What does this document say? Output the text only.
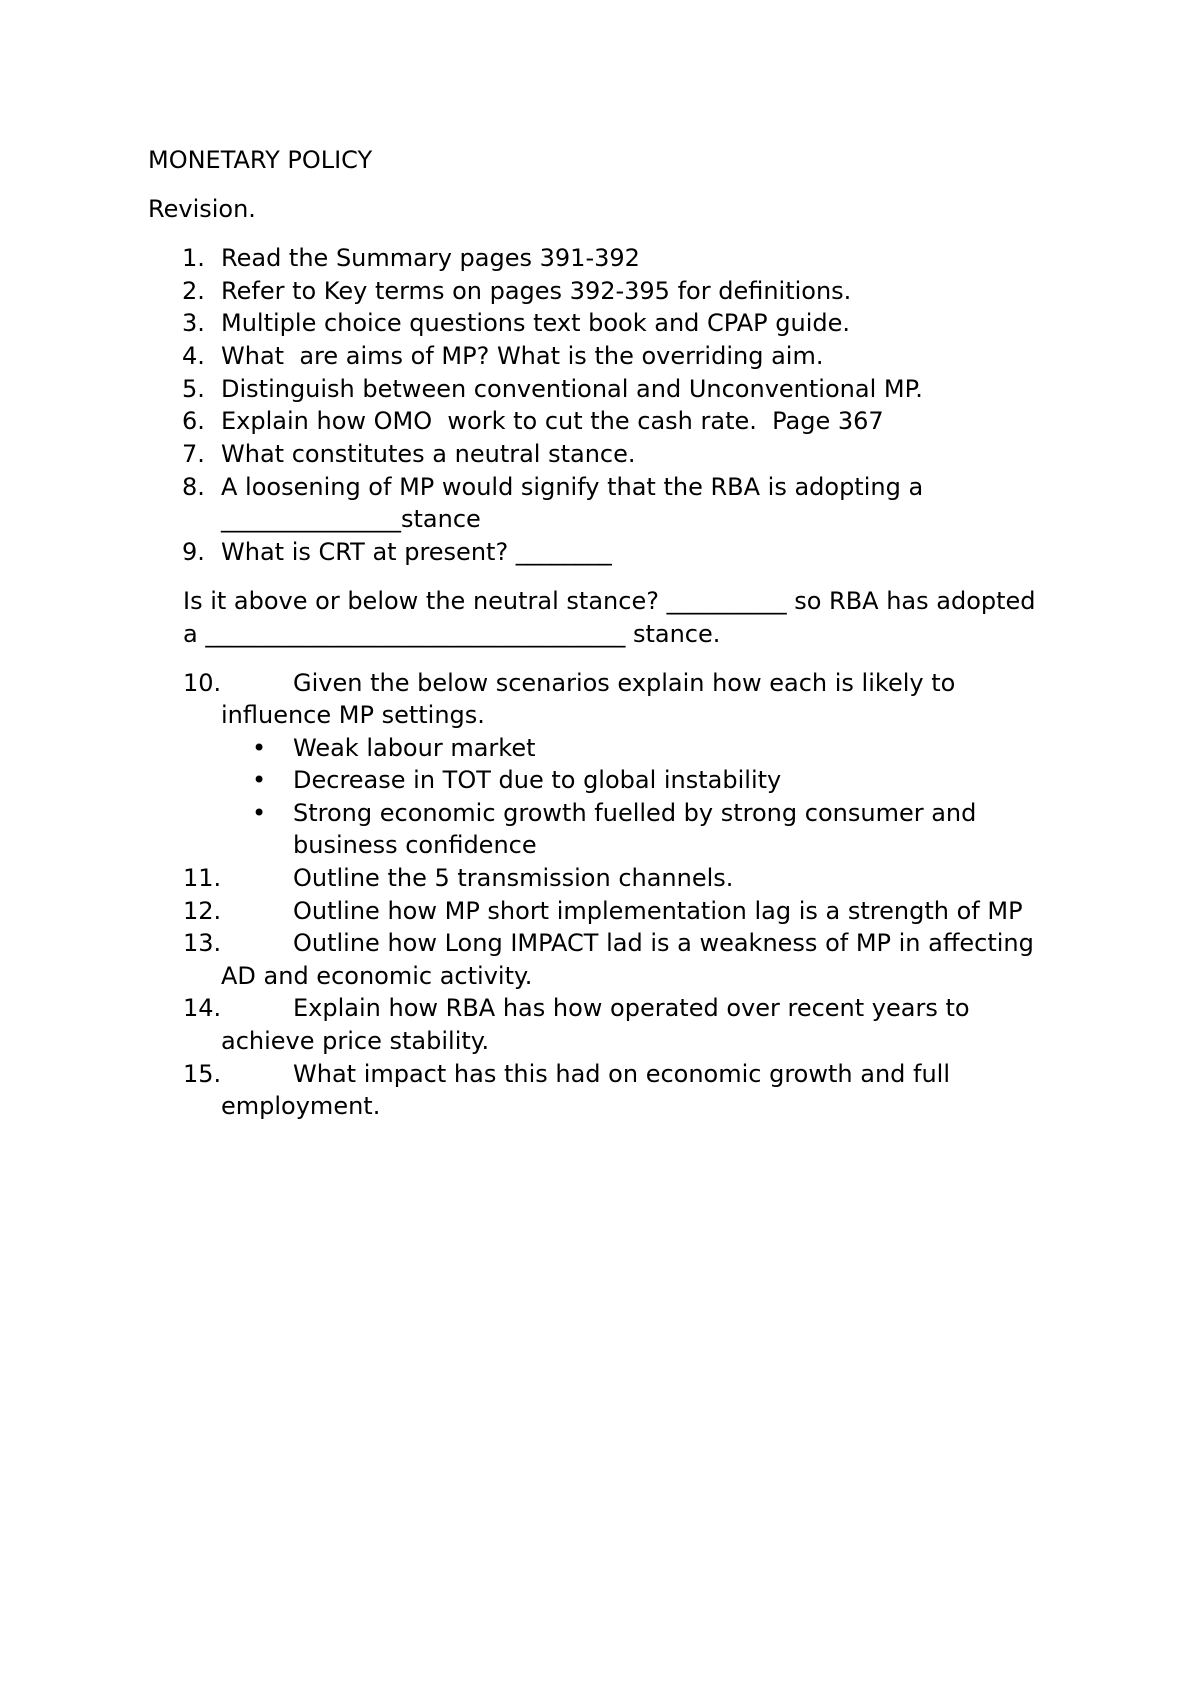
MONETARY POLICY
Revision.
1. Read the Summary pages 391-392
2. Refer to Key terms on pages 392-395 for definitions.
3. Multiple choice questions text book and CPAP guide.
4. What  are aims of MP? What is the overriding aim.
5. Distinguish between conventional and Unconventional MP.
6. Explain how OMO  work to cut the cash rate.  Page 367
7. What constitutes a neutral stance.
8. A loosening of MP would signify that the RBA is adopting a
_______________stance
9. What is CRT at present? ________
Is it above or below the neutral stance? __________ so RBA has adopted
a ___________________________________ stance.
10.	Given the below scenarios explain how each is likely to
influence MP settings.
• Weak labour market
• Decrease in TOT due to global instability
• Strong economic growth fuelled by strong consumer and
business confidence
11.	Outline the 5 transmission channels.
12.	Outline how MP short implementation lag is a strength of MP
13.	Outline how Long IMPACT lad is a weakness of MP in affecting
AD and economic activity.
14.	Explain how RBA has how operated over recent years to
achieve price stability.
15.	What impact has this had on economic growth and full
employment.
